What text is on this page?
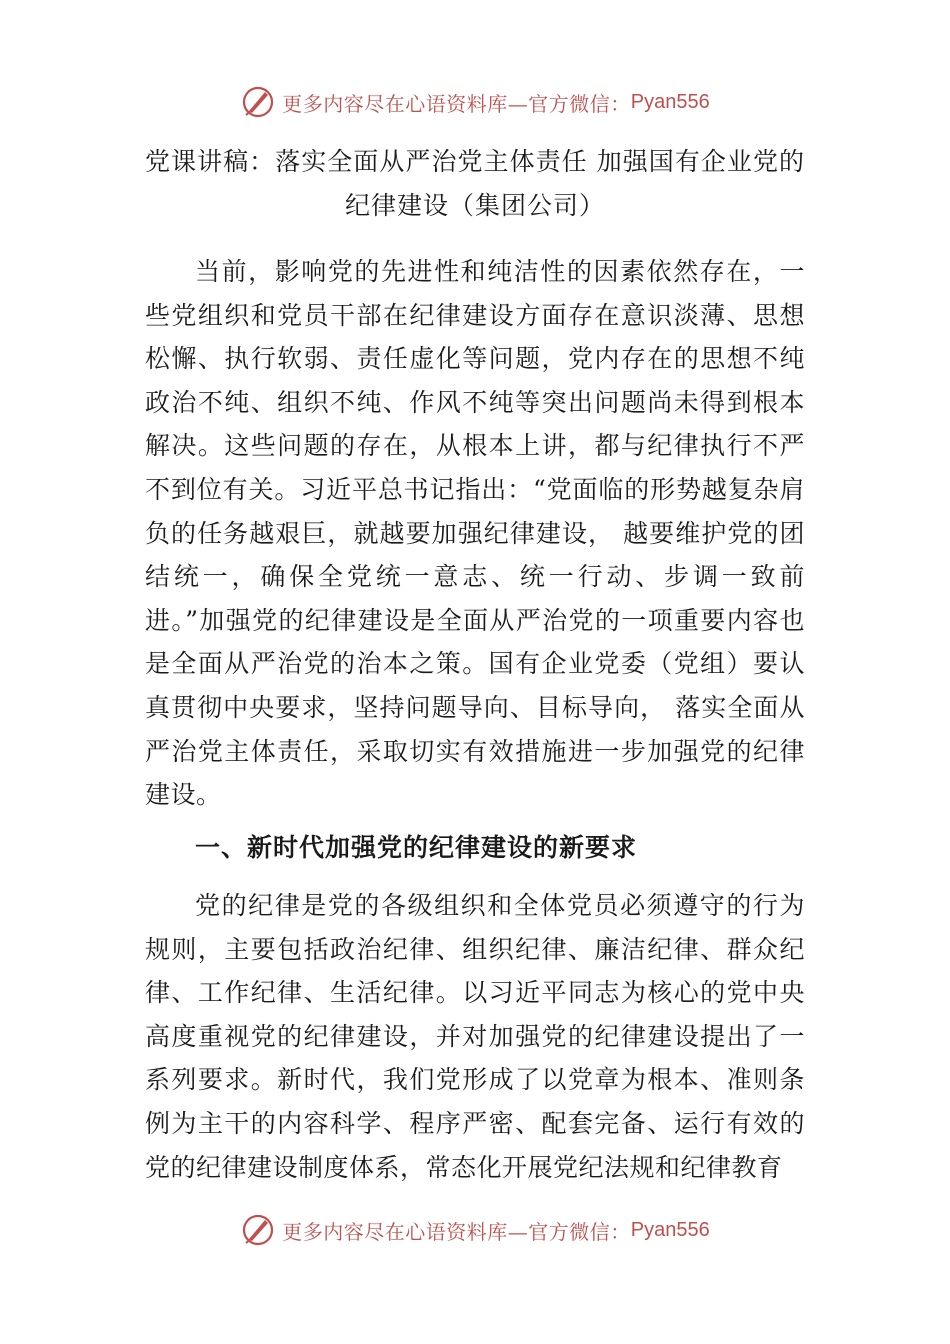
更多内容尽在心语资料库—官方微信： Pyan556
党课讲稿：落实全面从严治党主体责任 加强国有企业党的
纪律建设（集团公司）

当前，影响党的先进性和纯洁性的因素依然存在，一些党组织和党员干部在纪律建设方面存在意识淡薄、思想松懈、执行软弱、责任虚化等问题，党内存在的思想不纯政治不纯、组织不纯、作风不纯等突出问题尚未得到根本解决。这些问题的存在，从根本上讲，都与纪律执行不严不到位有关。习近平总书记指出：“党面临的形势越复杂肩负的任务越艰巨，就越要加强纪律建设， 越要维护党的团结统一，确保全党统一意志、统一行动、步调一致前进。”加强党的纪律建设是全面从严治党的一项重要内容也是全面从严治党的治本之策。国有企业党委（党组）要认真贯彻中央要求，坚持问题导向、目标导向， 落实全面从严治党主体责任，采取切实有效措施进一步加强党的纪律建设。

一、新时代加强党的纪律建设的新要求

党的纪律是党的各级组织和全体党员必须遵守的行为规则，主要包括政治纪律、组织纪律、廉洁纪律、群众纪律、工作纪律、生活纪律。以习近平同志为核心的党中央高度重视党的纪律建设，并对加强党的纪律建设提出了一系列要求。新时代，我们党形成了以党章为根本、准则条例为主干的内容科学、程序严密、配套完备、运行有效的党的纪律建设制度体系，常态化开展党纪法规和纪律教育

更多内容尽在心语资料库—官方微信： Pyan556
